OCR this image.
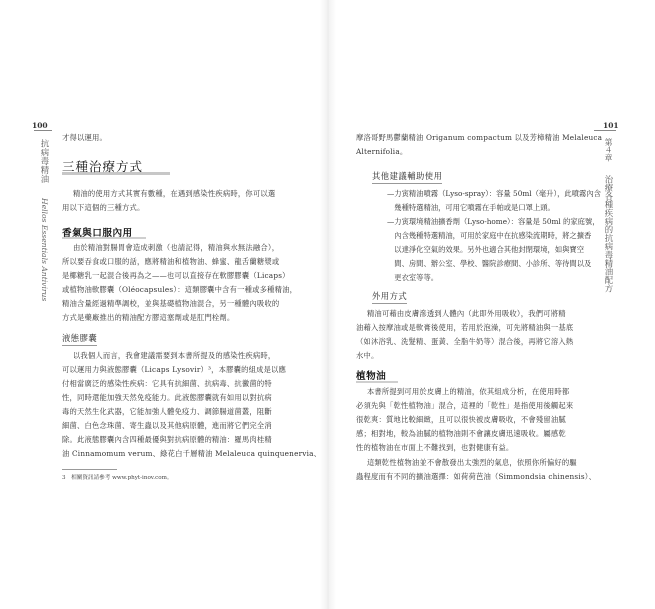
100
抗病毒精油
Hellos Essentials Antivirus
才得以運用。
三種治療方式
精油的使用方式其實有數種，在遇到感染性疾病時，你可以選
用以下這個的三種方式。
香氣與口服內用
由於精油對腸胃會造成刺激（也請記得，精油與水無法融合），
所以要吞食或口服的話，應將精油和植物油、蜂蜜、龍舌蘭糖漿或
是椰糖乳一起混合後再為之——也可以直接存在軟膠膠囊（Licaps）
或植物油軟膠囊（Oléocapsules）：這類膠囊中含有一種或多種精油，
精油含量經過精準調校，並與基礎植物油混合，另一種體內吸收的
方式是藥廠推出的精油配方膠這塞劑或是肛門栓劑。
液態膠囊
以我個人而言，我會建議需要到本書所提及的感染性疾病時，
可以運用力與液態膠囊（Licaps Lysovir）³，本膠囊的組成是以應
付相當廣泛的感染性疾病：它具有抗細菌、抗病毒、抗黴菌的特
性，同時還能加強天然免疫能力。此液態膠囊就有如用以對抗病
毒的天然生化武器，它能加強人體免疫力、調節腸道菌叢，阻斷
細菌、白色念珠菌、寄生蟲以及其他病原體，進而將它們完全消
除。此液態膠囊內含四種最優與對抗病原體的精油：羅馬肉桂精
油 Cinnamomum verum、綠花白千層精油 Melaleuca quinquenervia、
3　相關資訊請參考 www.phyt-inov.com。
101
第４章
治療各種疾病的抗病毒精油配方
摩洛哥野馬鬱蘭精油 Origanum compactum 以及芳樟精油 Melaleuca
Alternifolia。
其他建議輔助使用
—力寅精油噴霧（Lyso-spray）：容量 50ml（毫升），此噴霧內含
　幾種特選精油，可用它噴霧在手帕或是口罩上頭。
—力寅環境精油擴香劑（Lyso-home）：容量是 50ml 的家庭號，
　內含幾種特選精油，可用於家庭中在抗感染流期時，將之擴香
　以達淨化空氣的效果。另外也適合其他封閉環境，如與寶空
　間、房間、辦公室、學校、醫院診療間、小診所、等待間以及
　更衣室等等。
外用方式
精油可藉由皮膚滲透到人體內（此即外用吸收），我們可將精
油藉入按摩油或是軟膏後使用，若用於泡澡，可先將精油與一基底
（如沐浴乳、洗髮精、蛋黃、全脂牛奶等）混合後，再將它溶入熱
水中。
植物油
本書所提到可用於皮膚上的精油，依其組成分析，在使用時都
必須先與「乾性植物油」混合，這裡的「乾性」是指使用後觸起來
很乾爽：質地比較細緻，且可以很快被皮膚吸收，不會殘留油膩
感；相對地，較為油膩的植物油則不會讓皮膚迅速吸收。屬感乾
性的植物油在市面上不難找到，也對健康有益。
這類乾性植物油並不會散發出太強烈的氣息，依照你所偏好的驅
蟲程度而有不同的擴油選擇：如荷荷芭油（Simmondsia chinensis）、
